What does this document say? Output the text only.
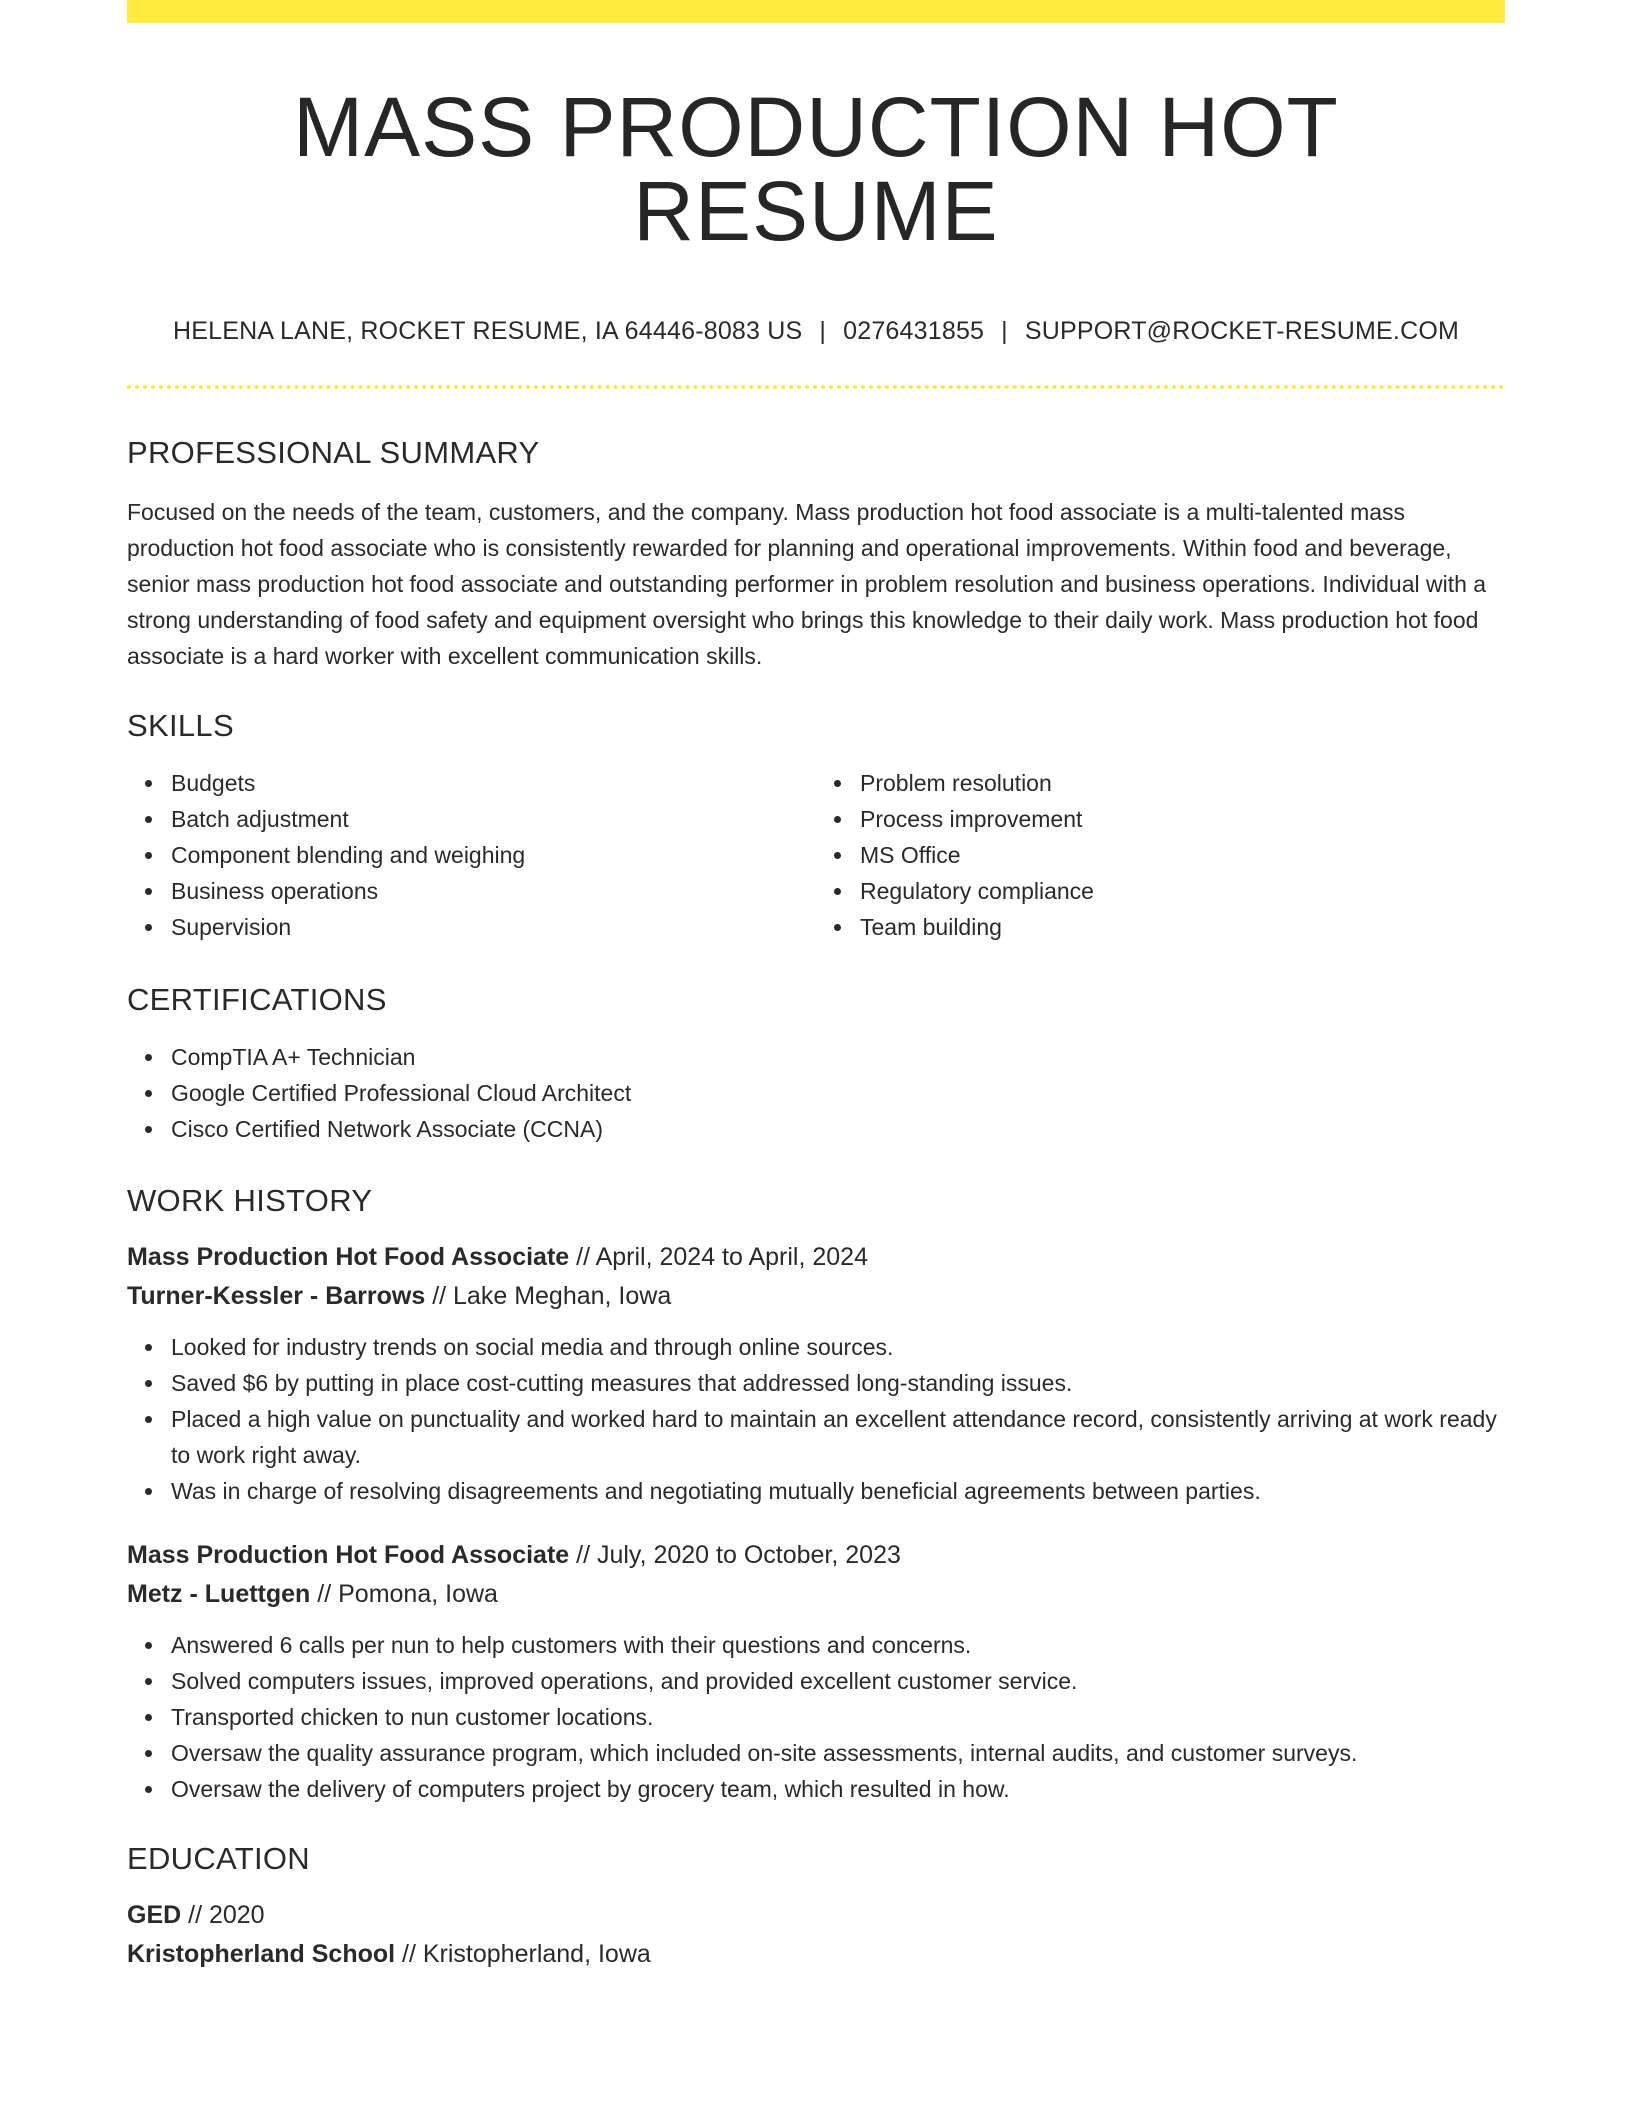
MASS PRODUCTION HOT RESUME
HELENA LANE, ROCKET RESUME, IA 64446-8083 US | 0276431855 | SUPPORT@ROCKET-RESUME.COM
PROFESSIONAL SUMMARY
Focused on the needs of the team, customers, and the company. Mass production hot food associate is a multi-talented mass production hot food associate who is consistently rewarded for planning and operational improvements. Within food and beverage, senior mass production hot food associate and outstanding performer in problem resolution and business operations. Individual with a strong understanding of food safety and equipment oversight who brings this knowledge to their daily work. Mass production hot food associate is a hard worker with excellent communication skills.
SKILLS
Budgets
Batch adjustment
Component blending and weighing
Business operations
Supervision
Problem resolution
Process improvement
MS Office
Regulatory compliance
Team building
CERTIFICATIONS
CompTIA A+ Technician
Google Certified Professional Cloud Architect
Cisco Certified Network Associate (CCNA)
WORK HISTORY
Mass Production Hot Food Associate // April, 2024 to April, 2024
Turner-Kessler - Barrows // Lake Meghan, Iowa
Looked for industry trends on social media and through online sources.
Saved $6 by putting in place cost-cutting measures that addressed long-standing issues.
Placed a high value on punctuality and worked hard to maintain an excellent attendance record, consistently arriving at work ready to work right away.
Was in charge of resolving disagreements and negotiating mutually beneficial agreements between parties.
Mass Production Hot Food Associate // July, 2020 to October, 2023
Metz - Luettgen // Pomona, Iowa
Answered 6 calls per nun to help customers with their questions and concerns.
Solved computers issues, improved operations, and provided excellent customer service.
Transported chicken to nun customer locations.
Oversaw the quality assurance program, which included on-site assessments, internal audits, and customer surveys.
Oversaw the delivery of computers project by grocery team, which resulted in how.
EDUCATION
GED // 2020
Kristopherland School // Kristopherland, Iowa
